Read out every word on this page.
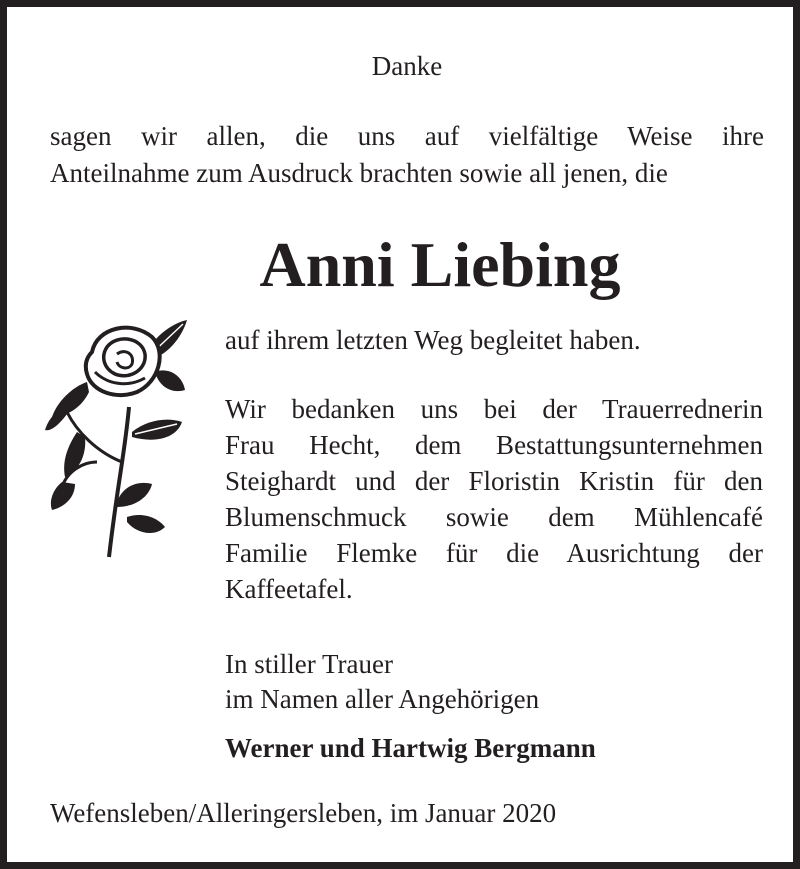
Danke

sagen wir allen, die uns auf vielfältige Weise ihre

Anteilnahme zum Ausdruck brachten sowie all jenen, die

Anni Liebing

auf ihrem letzten Weg begleitet haben.

Wir bedanken uns bei der Trauerrednerin

Frau Hecht, dem Bestattungsunternehmen

Steighardt und der Floristin Kristin für den

Blumenschmuck sowie dem Mühlencafé

Familie Flemke für die Ausrichtung der

Kaffeetafel.

In stiller Trauer

im Namen aller Angehörigen

Werner und Hartwig Bergmann

Wefensleben/Alleringersleben, im Januar 2020
